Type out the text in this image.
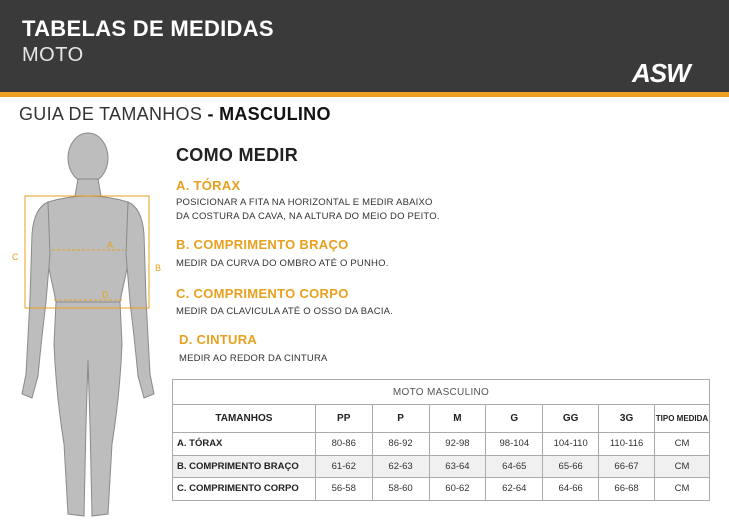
TABELAS DE MEDIDAS
MOTO
ASW
GUIA DE TAMANHOS - MASCULINO
A
B
C
D
COMO MEDIR
A. TÓRAX
POSICIONAR A FITA NA HORIZONTAL E MEDIR ABAIXO
DA COSTURA DA CAVA, NA ALTURA DO MEIO DO PEITO.
B. COMPRIMENTO BRAÇO
MEDIR DA CURVA DO OMBRO ATÉ O PUNHO.
C. COMPRIMENTO CORPO
MEDIR DA CLAVICULA ATÉ O OSSO DA BACIA.
D. CINTURA
MEDIR AO REDOR DA CINTURA
MOTO MASCULINO							
TAMANHOS	PP	P	M	G	GG	3G	TIPO MEDIDA
A. TÓRAX	80-86	86-92	92-98	98-104	104-110	110-116	CM
B. COMPRIMENTO BRAÇO	61-62	62-63	63-64	64-65	65-66	66-67	CM
C. COMPRIMENTO CORPO	56-58	58-60	60-62	62-64	64-66	66-68	CM
